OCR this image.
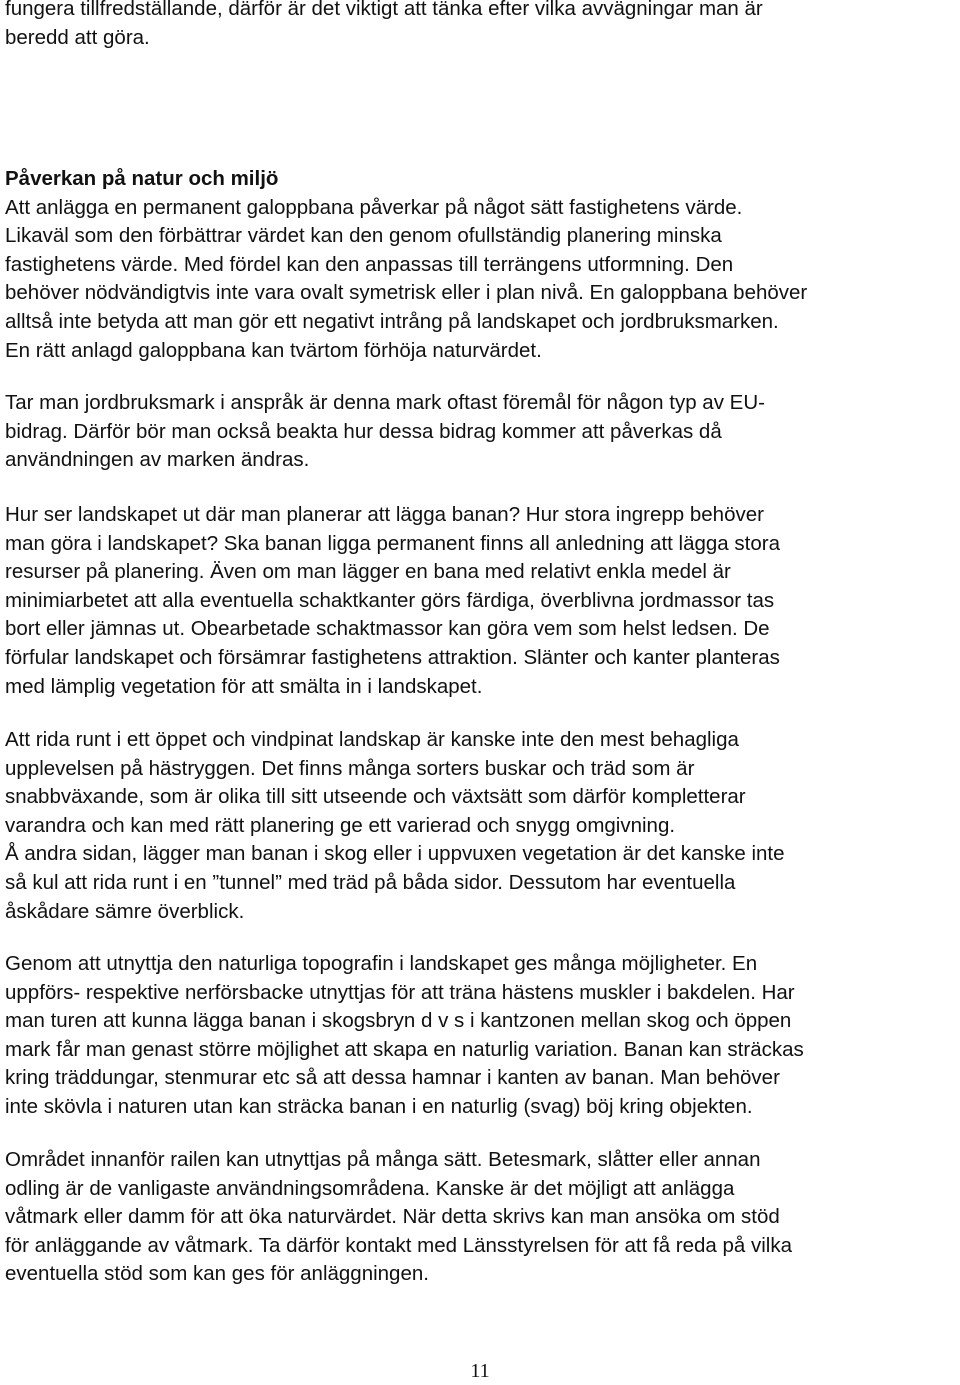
fungera tillfredställande, därför är det viktigt att tänka efter vilka avvägningar man är
beredd att göra.

Påverkan på natur och miljö
Att anlägga en permanent galoppbana påverkar på något sätt fastighetens värde.
Likaväl som den förbättrar värdet kan den genom ofullständig planering minska
fastighetens värde. Med fördel kan den anpassas till terrängens utformning. Den
behöver nödvändigtvis inte vara ovalt symetrisk eller i plan nivå. En galoppbana behöver
alltså inte betyda att man gör ett negativt intrång på landskapet och jordbruksmarken.
En rätt anlagd galoppbana kan tvärtom förhöja naturvärdet.

Tar man jordbruksmark i anspråk är denna mark oftast föremål för någon typ av EU-
bidrag. Därför bör man också beakta hur dessa bidrag kommer att påverkas då
användningen av marken ändras.

Hur ser landskapet ut där man planerar att lägga banan? Hur stora ingrepp behöver
man göra i landskapet? Ska banan ligga permanent finns all anledning att lägga stora
resurser på planering. Även om man lägger en bana med relativt enkla medel är
minimiarbetet att alla eventuella schaktkanter görs färdiga, överblivna jordmassor tas
bort eller jämnas ut. Obearbetade schaktmassor kan göra vem som helst ledsen. De
förfular landskapet och försämrar fastighetens attraktion. Slänter och kanter planteras
med lämplig vegetation för att smälta in i landskapet.

Att rida runt i ett öppet och vindpinat landskap är kanske inte den mest behagliga
upplevelsen på hästryggen. Det finns många sorters buskar och träd som är
snabbväxande, som är olika till sitt utseende och växtsätt som därför kompletterar
varandra och kan med rätt planering ge ett varierad och snygg omgivning.
Å andra sidan, lägger man banan i skog eller i uppvuxen vegetation är det kanske inte
så kul att rida runt i en ”tunnel” med träd på båda sidor. Dessutom har eventuella
åskådare sämre överblick.

Genom att utnyttja den naturliga topografin i landskapet ges många möjligheter. En
uppförs- respektive nerförsbacke utnyttjas för att träna hästens muskler i bakdelen. Har
man turen att kunna lägga banan i skogsbryn d v s i kantzonen mellan skog och öppen
mark får man genast större möjlighet att skapa en naturlig variation. Banan kan sträckas
kring träddungar, stenmurar etc så att dessa hamnar i kanten av banan. Man behöver
inte skövla i naturen utan kan sträcka banan i en naturlig (svag) böj kring objekten.

Området innanför railen kan utnyttjas på många sätt. Betesmark, slåtter eller annan
odling är de vanligaste användningsområdena. Kanske är det möjligt att anlägga
våtmark eller damm för att öka naturvärdet. När detta skrivs kan man ansöka om stöd
för anläggande av våtmark. Ta därför kontakt med Länsstyrelsen för att få reda på vilka
eventuella stöd som kan ges för anläggningen.

11
